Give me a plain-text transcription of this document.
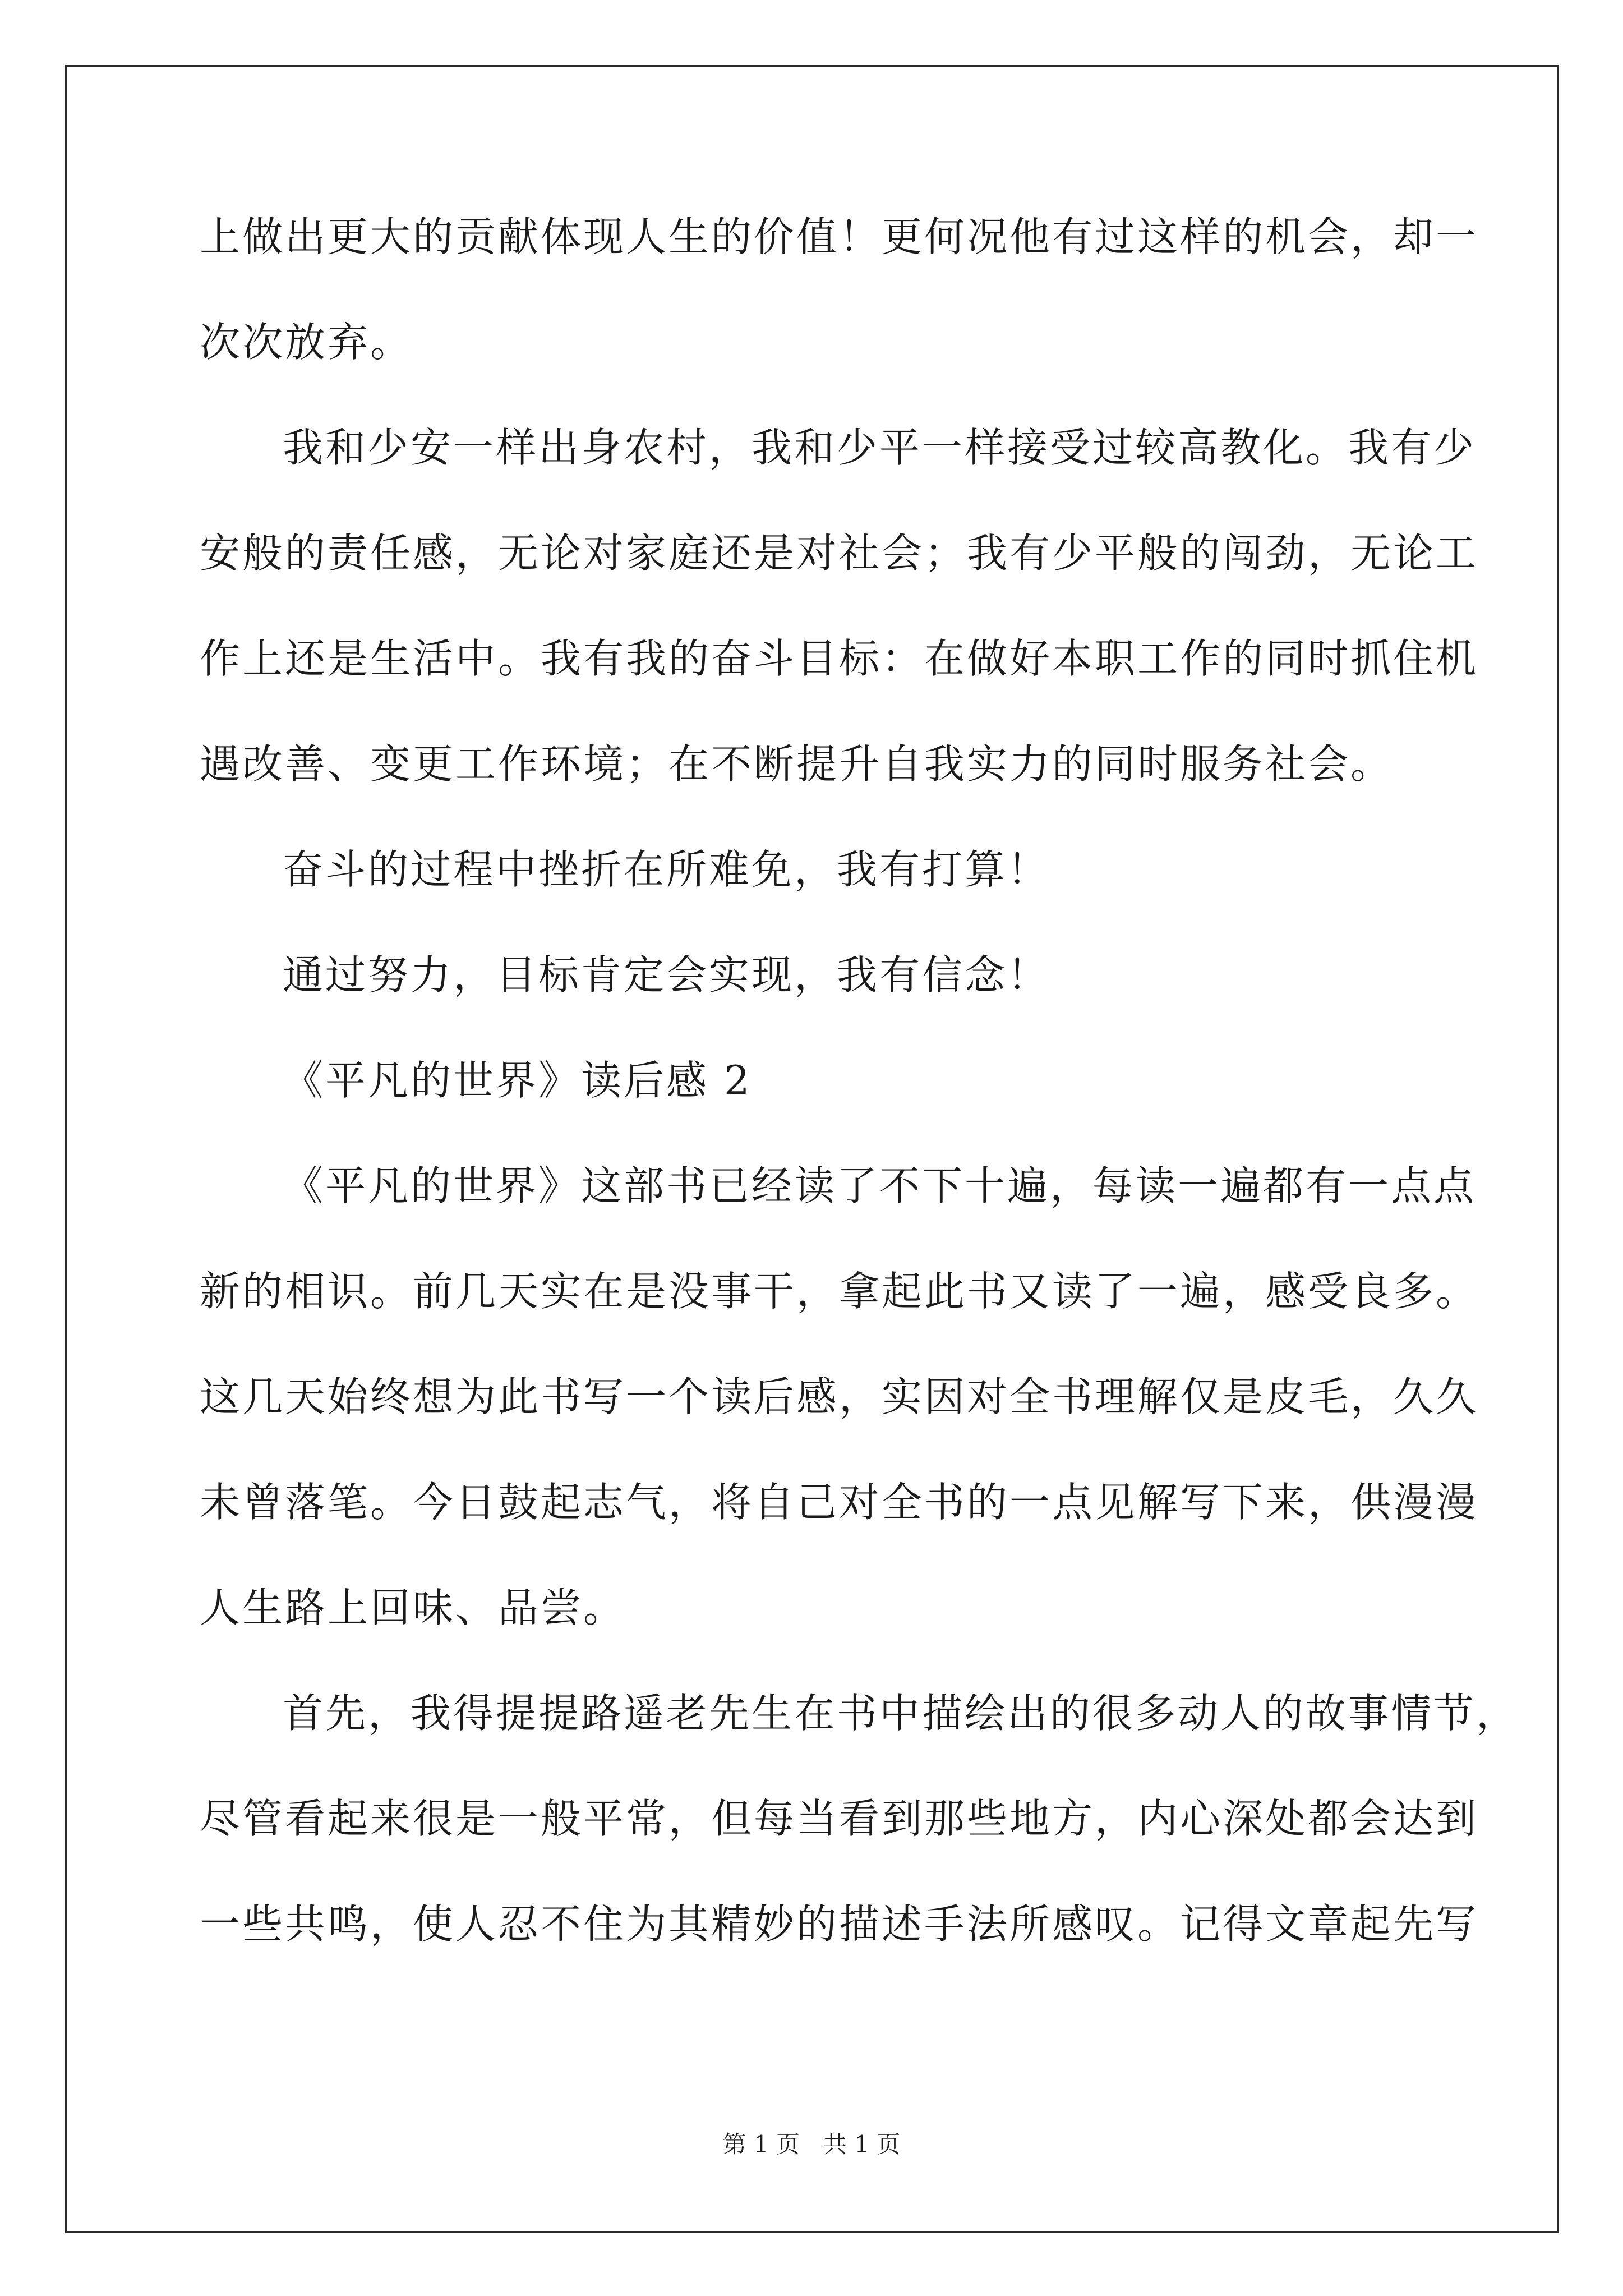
上做出更大的贡献体现人生的价值！更何况他有过这样的机会，却一
次次放弃。
我和少安一样出身农村，我和少平一样接受过较高教化。我有少
安般的责任感，无论对家庭还是对社会；我有少平般的闯劲，无论工
作上还是生活中。我有我的奋斗目标：在做好本职工作的同时抓住机
遇改善、变更工作环境；在不断提升自我实力的同时服务社会。
奋斗的过程中挫折在所难免，我有打算！
通过努力，目标肯定会实现，我有信念！
《平凡的世界》读后感 2
《平凡的世界》这部书已经读了不下十遍，每读一遍都有一点点
新的相识。前几天实在是没事干，拿起此书又读了一遍，感受良多。
这几天始终想为此书写一个读后感，实因对全书理解仅是皮毛，久久
未曾落笔。今日鼓起志气，将自己对全书的一点见解写下来，供漫漫
人生路上回味、品尝。
首先，我得提提路遥老先生在书中描绘出的很多动人的故事情节，
尽管看起来很是一般平常，但每当看到那些地方，内心深处都会达到
一些共鸣，使人忍不住为其精妙的描述手法所感叹。记得文章起先写
第 1 页　共 1 页
